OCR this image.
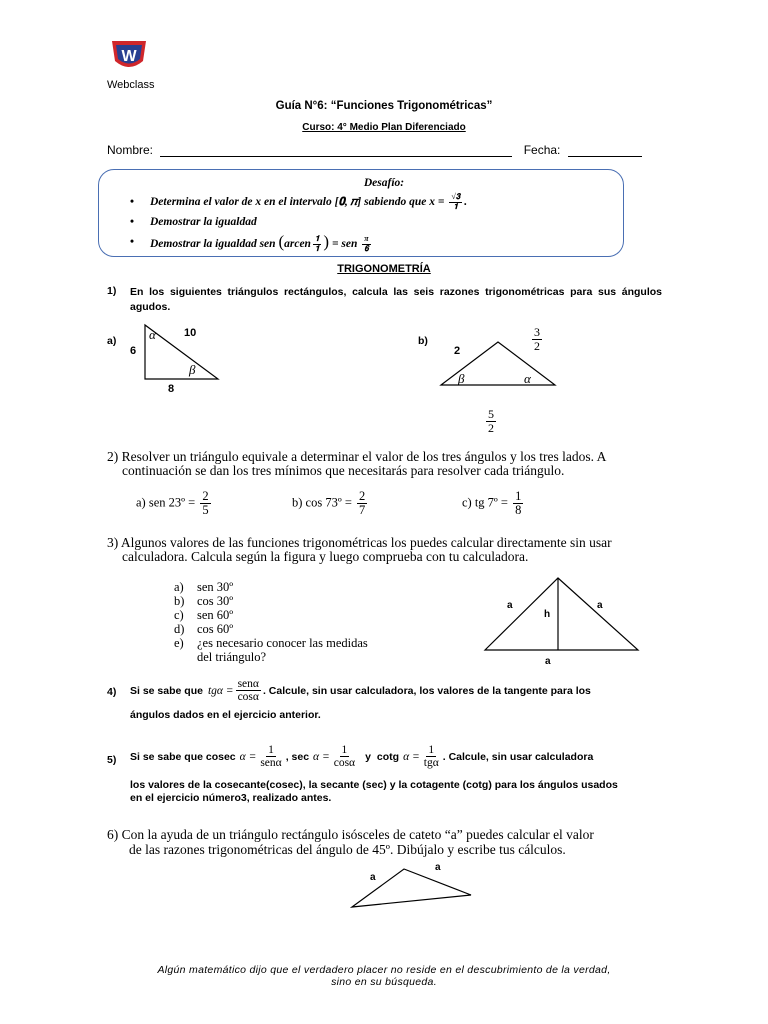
W
Webclass
Guía N°6: “Funciones Trigonométricas”
Curso: 4° Medio Plan Diferenciado
Nombre:	Fecha:
Desafío:
• Determina el valor de x en el intervalo [𝟎, 𝜋] sabiendo que $x = \frac{√𝟑}{𝟏}$ .
• Demostrar la igualdad
• Demostrar la igualdad sen (arcen $\frac{𝟏}{𝟏}$ ) = sen $\frac{\pi}{𝟔}$
TRIGONOMETRÍA
1) En los siguientes triángulos rectángulos, calcula las seis razones trigonométricas para sus ángulos agudos.
a)	α	10
6
β
8
b)
2
β	α
$\frac{3}{2}$
$\frac{5}{2}$
2) Resolver un triángulo equivale a determinar el valor de los tres ángulos y los tres lados. A
continuación se dan los tres mínimos que necesitarás para resolver cada triángulo.
a) sen 23º = $\frac{2}{5}$	b) cos 73º = $\frac{2}{7}$	c) tg 7º = $\frac{1}{8}$
3) Algunos valores de las funciones trigonométricas los puedes calcular directamente sin usar
calculadora. Calcula según la figura y luego comprueba con tu calculadora.
a) sen 30º
b) cos 30º
c) sen 60º
d) cos 60º
e) ¿es necesario conocer las medidas
del triángulo?
a	a
h
a
4) Si se sabe que $tg\alpha = \frac{\text{senα}}{\cos\alpha}$ . Calcule, sin usar calculadora, los valores de la tangente para los
ángulos dados en el ejercicio anterior.
5) Si se sabe que cosec $\alpha = \frac{1}{\text{senα}}$ , $\sec \alpha = \frac{1}{\cos\alpha}$ y cotg $\alpha = \frac{1}{\text{tgα}}$ . Calcule, sin usar calculadora
los valores de la cosecante(cosec), la secante (sec) y la cotagente (cotg) para los ángulos usados
en el ejercicio número3, realizado antes.
6) Con la ayuda de un triángulo rectángulo isósceles de cateto “a” puedes calcular el valor
de las razones trigonométricas del ángulo de 45º. Dibújalo y escribe tus cálculos.
a
a
Algún matemático dijo que el verdadero placer no reside en el descubrimiento de la verdad,
sino en su búsqueda.
